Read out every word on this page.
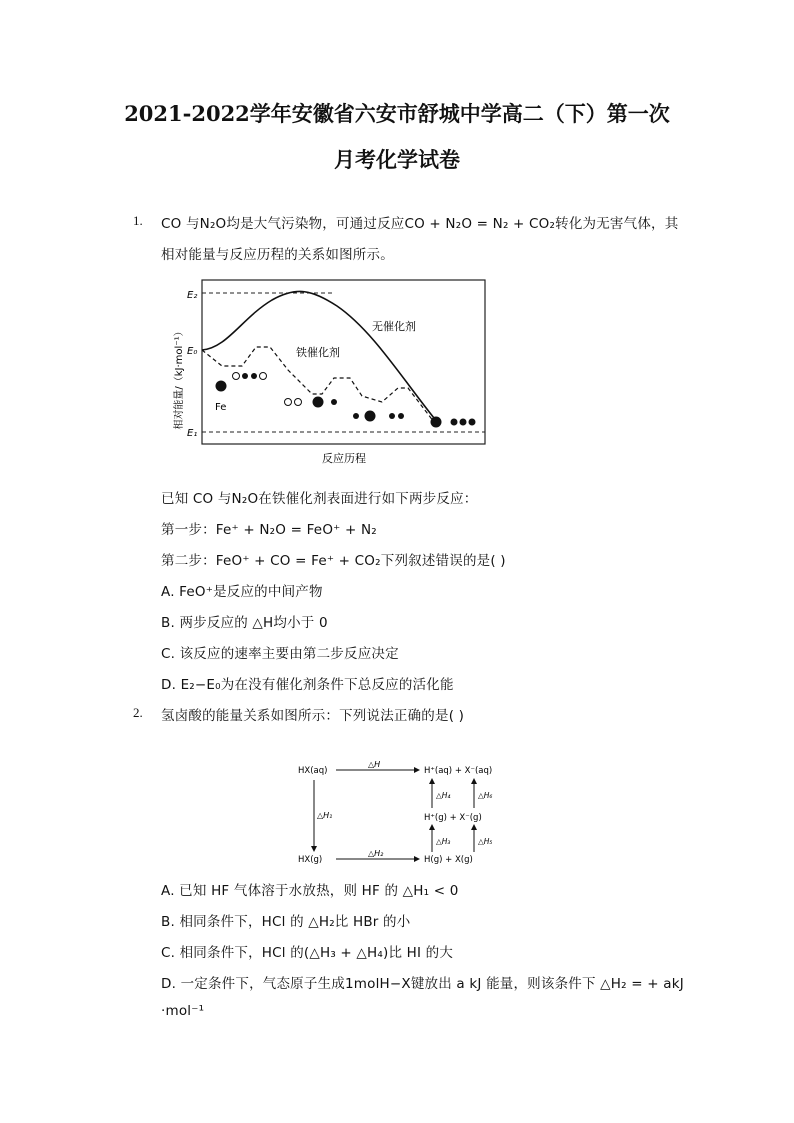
2021-2022学年安徽省六安市舒城中学高二（下）第一次
月考化学试卷
1. CO 与N₂O均是大气污染物，可通过反应CO + N₂O = N₂ + CO₂转化为无害气体，其
相对能量与反应历程的关系如图所示。
E₂
E₀
E₁
相对能量/（kJ·mol⁻¹）
反应历程
无催化剂
铁催化剂
Fe
已知 CO 与N₂O在铁催化剂表面进行如下两步反应：
第一步：Fe⁺ + N₂O = FeO⁺ + N₂
第二步：FeO⁺ + CO = Fe⁺ + CO₂下列叙述错误的是( )
A. FeO⁺是反应的中间产物
B. 两步反应的 △H均小于 0
C. 该反应的速率主要由第二步反应决定
D. E₂−E₀为在没有催化剂条件下总反应的活化能
2. 氢卤酸的能量关系如图所示：下列说法正确的是( )
HX(aq)
△H
H⁺(aq) + X⁻(aq)
△H₁
△H₄	△H₆
H⁺(g) + X⁻(g)
△H₃	△H₅
HX(g)
△H₂
H(g) + X(g)
A. 已知 HF 气体溶于水放热，则 HF 的 △H₁ < 0
B. 相同条件下，HCl 的 △H₂比 HBr 的小
C. 相同条件下，HCl 的(△H₃ + △H₄)比 HI 的大
D. 一定条件下，气态原子生成1molH−X键放出 a kJ 能量，则该条件下 △H₂ = + akJ
·mol⁻¹
